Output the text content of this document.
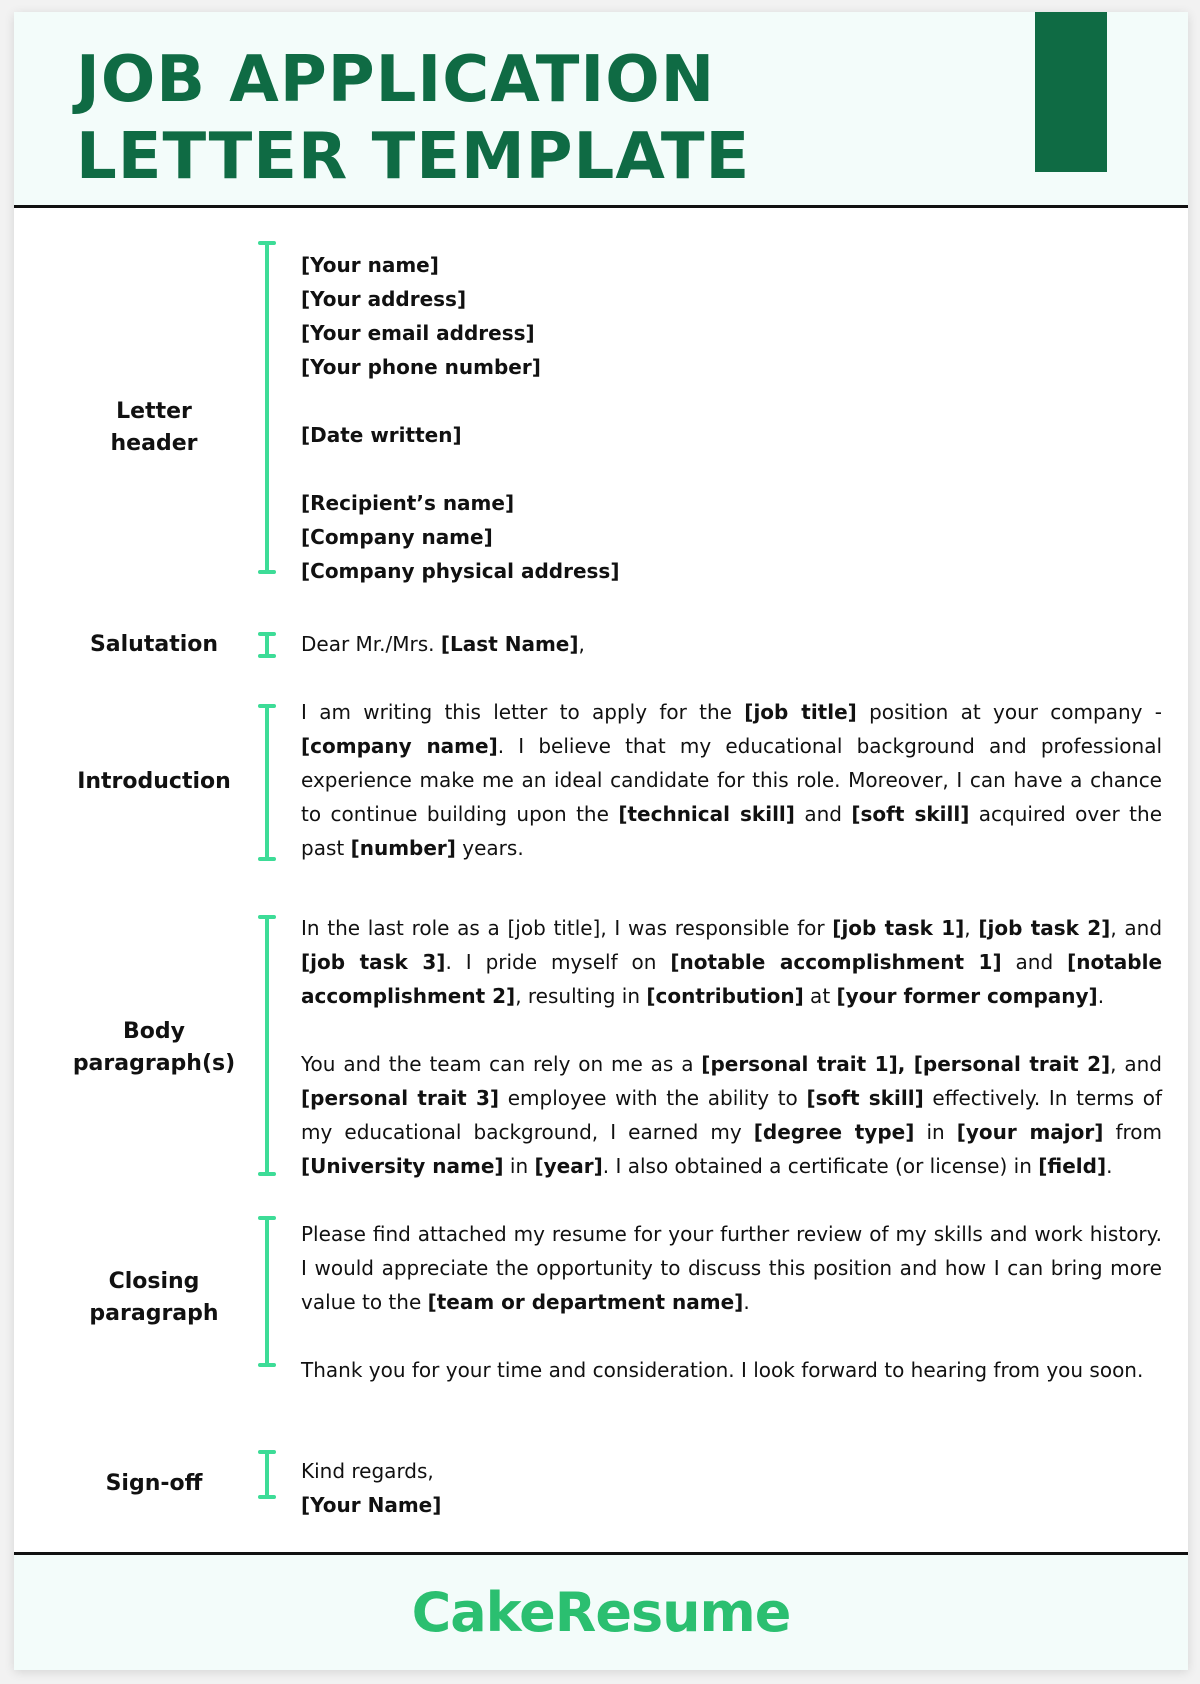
JOB APPLICATION
LETTER TEMPLATE
Letter
header
[Your name]
[Your address]
[Your email address]
[Your phone number]
[Date written]
[Recipient’s name]
[Company name]
[Company physical address]
Salutation	Dear Mr./Mrs. [Last Name],
Introduction

I am writing this letter to apply for the [job title] position at your company - [company name]. I believe that my educational background and professional experience make me an ideal candidate for this role. Moreover, I can have a chance to continue building upon the [technical skill] and [soft skill] acquired over the past [number] years.

Body
paragraph(s)

In the last role as a [job title], I was responsible for [job task 1], [job task 2], and [job task 3]. I pride myself on [notable accomplishment 1] and [notable accomplishment 2], resulting in [contribution] at [your former company].

You and the team can rely on me as a [personal trait 1], [personal trait 2], and [personal trait 3] employee with the ability to [soft skill] effectively. In terms of my educational background, I earned my [degree type] in [your major] from [University name] in [year]. I also obtained a certificate (or license) in [field].

Closing
paragraph

Please find attached my resume for your further review of my skills and work history. I would appreciate the opportunity to discuss this position and how I can bring more value to the [team or department name].

Thank you for your time and consideration. I look forward to hearing from you soon.

Sign-off	Kind regards,
[Your Name]
CakeResume
